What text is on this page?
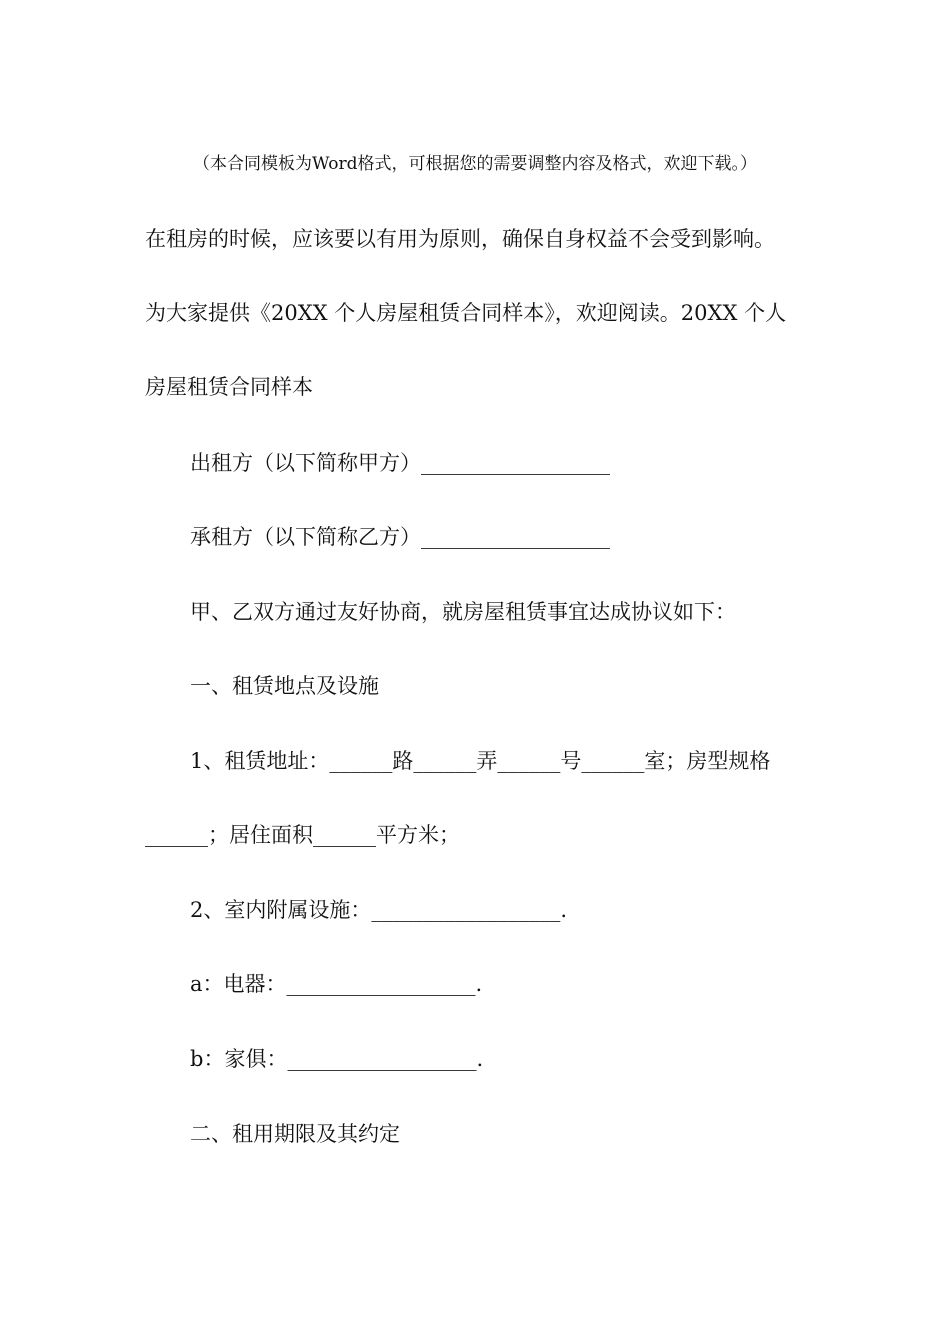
（本合同模板为Word格式，可根据您的需要调整内容及格式，欢迎下载。）
在租房的时候，应该要以有用为原则，确保自身权益不会受到影响。
为大家提供《20XX 个人房屋租赁合同样本》，欢迎阅读。20XX 个人
房屋租赁合同样本
出租方（以下简称甲方）__________________
承租方（以下简称乙方）__________________
甲、乙双方通过友好协商，就房屋租赁事宜达成协议如下：
一、租赁地点及设施
1、租赁地址：______路______弄______号______室；房型规格
______；居住面积______平方米；
2、室内附属设施：__________________.
a：电器：__________________.
b：家俱：__________________.
二、租用期限及其约定
